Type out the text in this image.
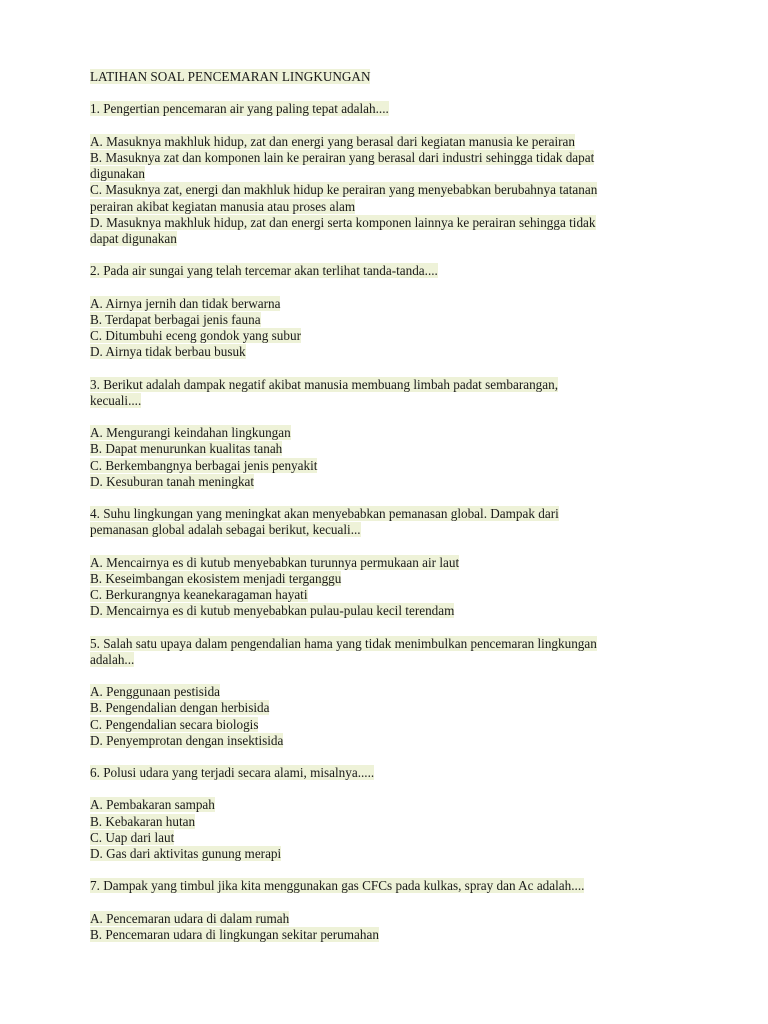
LATIHAN SOAL PENCEMARAN LINGKUNGAN
1. Pengertian pencemaran air yang paling tepat adalah....
A. Masuknya makhluk hidup, zat dan energi yang berasal dari kegiatan manusia ke perairan
B. Masuknya zat dan komponen lain ke perairan yang berasal dari industri sehingga tidak dapat
digunakan
C. Masuknya zat, energi dan makhluk hidup ke perairan yang menyebabkan berubahnya tatanan
perairan akibat kegiatan manusia atau proses alam
D. Masuknya makhluk hidup, zat dan energi serta komponen lainnya ke perairan sehingga tidak
dapat digunakan
2. Pada air sungai yang telah tercemar akan terlihat tanda-tanda....
A. Airnya jernih dan tidak berwarna
B. Terdapat berbagai jenis fauna
C. Ditumbuhi eceng gondok yang subur
D. Airnya tidak berbau busuk
3. Berikut adalah dampak negatif akibat manusia membuang limbah padat sembarangan,
kecuali....
A. Mengurangi keindahan lingkungan
B. Dapat menurunkan kualitas tanah
C. Berkembangnya berbagai jenis penyakit
D. Kesuburan tanah meningkat
4. Suhu lingkungan yang meningkat akan menyebabkan pemanasan global. Dampak dari
pemanasan global adalah sebagai berikut, kecuali...
A. Mencairnya es di kutub menyebabkan turunnya permukaan air laut
B. Keseimbangan ekosistem menjadi terganggu
C. Berkurangnya keanekaragaman hayati
D. Mencairnya es di kutub menyebabkan pulau-pulau kecil terendam
5. Salah satu upaya dalam pengendalian hama yang tidak menimbulkan pencemaran lingkungan
adalah...
A. Penggunaan pestisida
B. Pengendalian dengan herbisida
C. Pengendalian secara biologis
D. Penyemprotan dengan insektisida
6. Polusi udara yang terjadi secara alami, misalnya.....
A. Pembakaran sampah
B. Kebakaran hutan
C. Uap dari laut
D. Gas dari aktivitas gunung merapi
7. Dampak yang timbul jika kita menggunakan gas CFCs pada kulkas, spray dan Ac adalah....
A. Pencemaran udara di dalam rumah
B. Pencemaran udara di lingkungan sekitar perumahan
